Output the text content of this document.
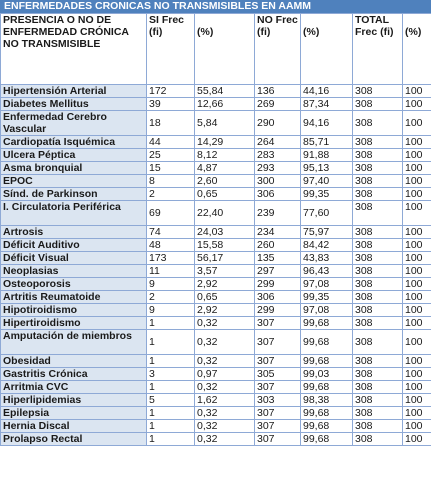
ENFERMEDADES CRONICAS NO TRANSMISIBLES EN AAMM
PRESENCIA O NO DE ENFERMEDAD CRÓNICA NO TRANSMISIBLE	SI Frec (fi)	(%)	NO Frec (fi)	(%)	TOTAL Frec (fi)	(%)
Hipertensión Arterial	172	55,84	136	44,16	308	100
Diabetes Mellitus	39	12,66	269	87,34	308	100
Enfermedad Cerebro Vascular	18	5,84	290	94,16	308	100
Cardiopatía Isquémica	44	14,29	264	85,71	308	100
Ulcera Péptica	25	8,12	283	91,88	308	100
Asma bronquial	15	4,87	293	95,13	308	100
EPOC	8	2,60	300	97,40	308	100
Sínd. de Parkinson	2	0,65	306	99,35	308	100
I. Circulatoria Periférica	69	22,40	239	77,60	308	100
Artrosis	74	24,03	234	75,97	308	100
Déficit Auditivo	48	15,58	260	84,42	308	100
Déficit Visual	173	56,17	135	43,83	308	100
Neoplasias	11	3,57	297	96,43	308	100
Osteoporosis	9	2,92	299	97,08	308	100
Artritis Reumatoide	2	0,65	306	99,35	308	100
Hipotiroidismo	9	2,92	299	97,08	308	100
Hipertiroidismo	1	0,32	307	99,68	308	100
Amputación de miembros	1	0,32	307	99,68	308	100
Obesidad	1	0,32	307	99,68	308	100
Gastritis Crónica	3	0,97	305	99,03	308	100
Arritmia CVC	1	0,32	307	99,68	308	100
Hiperlipidemias	5	1,62	303	98,38	308	100
Epilepsia	1	0,32	307	99,68	308	100
Hernia Discal	1	0,32	307	99,68	308	100
Prolapso Rectal	1	0,32	307	99,68	308	100
